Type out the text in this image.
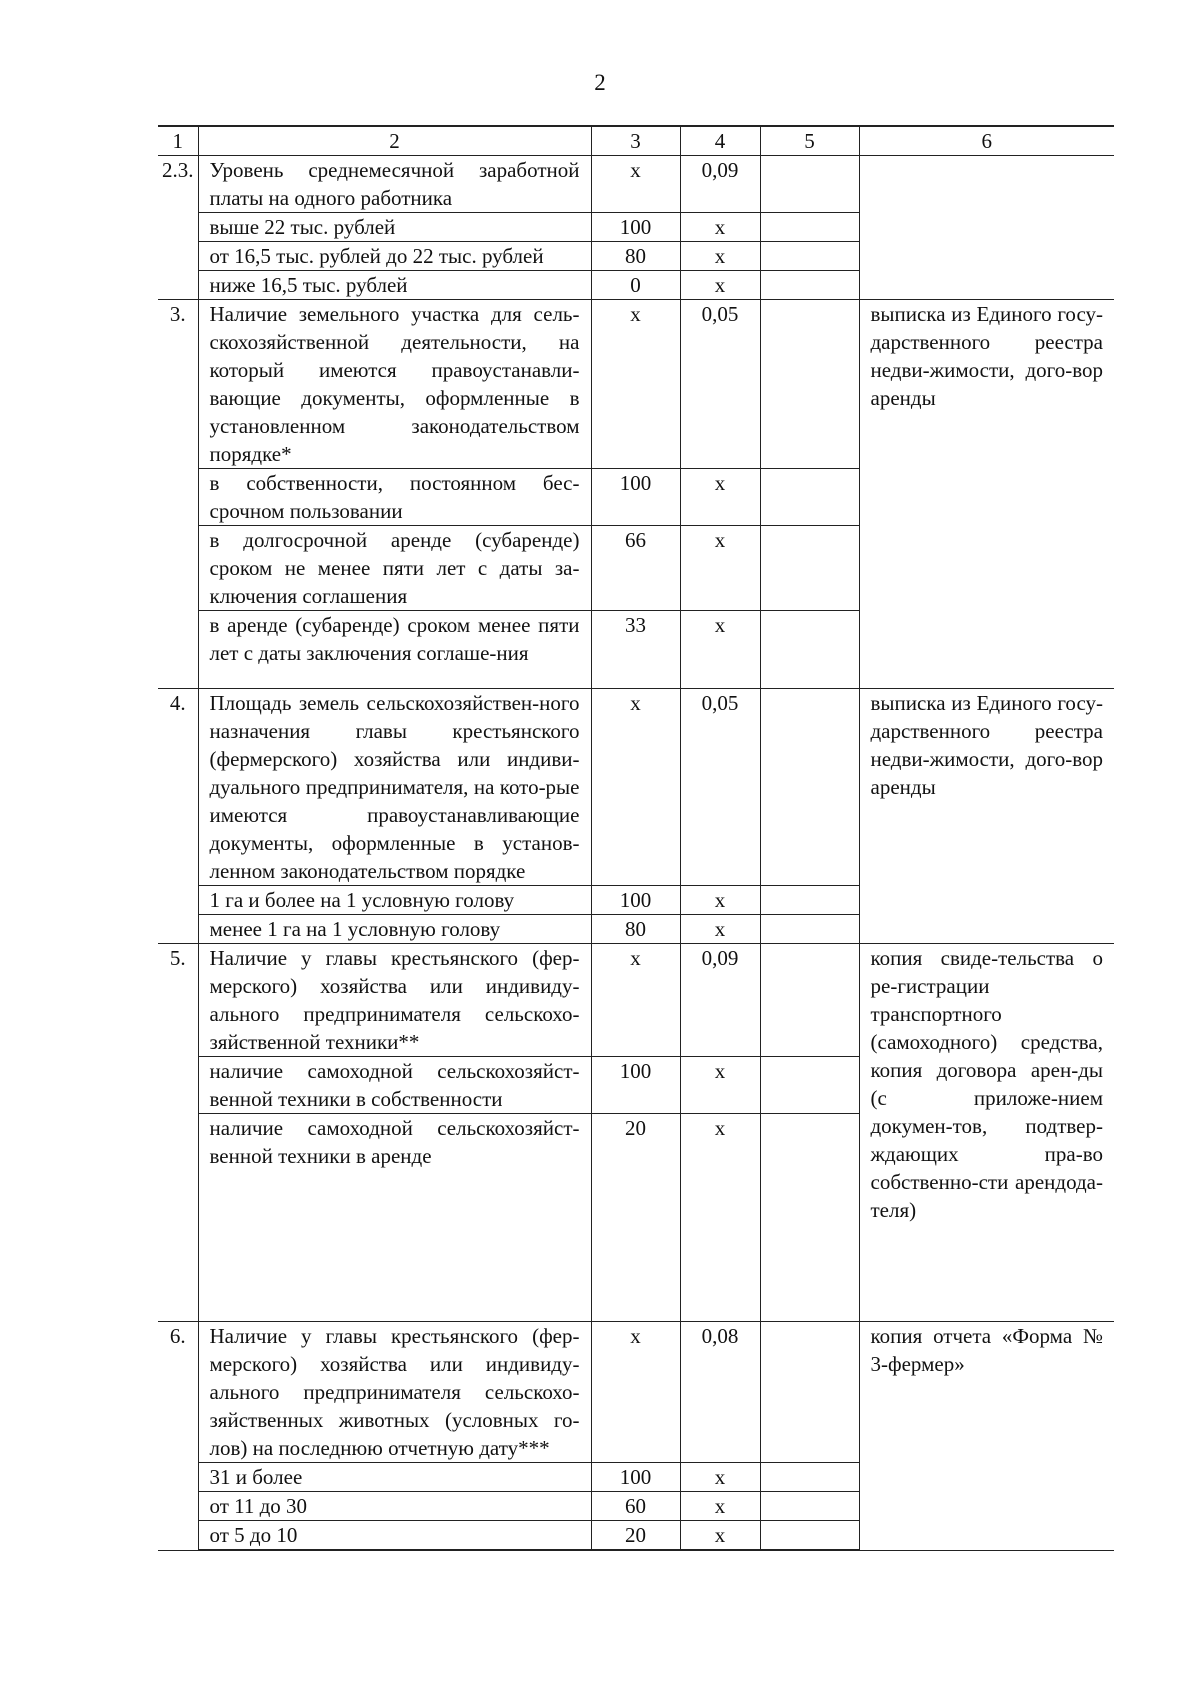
2
1	2	3	4	5	6
2.3.	Уровень среднемесячной заработной платы на одного работника	х	0,09		
	выше 22 тыс. рублей	100	х		
	от 16,5 тыс. рублей до 22 тыс. рублей	80	х		
	ниже 16,5 тыс. рублей	0	х		
3.	Наличие земельного участка для сель-скохозяйственной деятельности, на который имеются правоустанавли-вающие документы, оформленные в установленном законодательством порядке*	х	0,05		выписка из Единого госу-дарственного реестра недви-жимости, дого-вор аренды
	в собственности, постоянном бес-срочном пользовании	100	х		
	в долгосрочной аренде (субаренде) сроком не менее пяти лет с даты за-ключения соглашения	66	х		
	в аренде (субаренде) сроком менее пяти лет с даты заключения соглаше-ния	33	х		
4.	Площадь земель сельскохозяйствен-ного назначения главы крестьянского (фермерского) хозяйства или индиви-дуального предпринимателя, на кото-рые имеются правоустанавливающие документы, оформленные в установ-ленном законодательством порядке	х	0,05		выписка из Единого госу-дарственного реестра недви-жимости, дого-вор аренды
	1 га и более на 1 условную голову	100	х		
	менее 1 га на 1 условную голову	80	х		
5.	Наличие у главы крестьянского (фер-мерского) хозяйства или индивиду-ального предпринимателя сельскохо-зяйственной техники**	х	0,09		копия свиде-тельства о ре-гистрации транспортного (самоходного) средства, копия договора арен-ды (с приложе-нием докумен-тов, подтвер-ждающих пра-во собственно-сти арендода-теля)
	наличие самоходной сельскохозяйст-венной техники в собственности	100	х		
	наличие самоходной сельскохозяйст-венной техники в аренде	20	х		
6.	Наличие у главы крестьянского (фер-мерского) хозяйства или индивиду-ального предпринимателя сельскохо-зяйственных животных (условных го-лов) на последнюю отчетную дату***	х	0,08		копия отчета «Форма № 3-фермер»
	31 и более	100	х		
	от 11 до 30	60	х		
	от 5 до 10	20	х		
